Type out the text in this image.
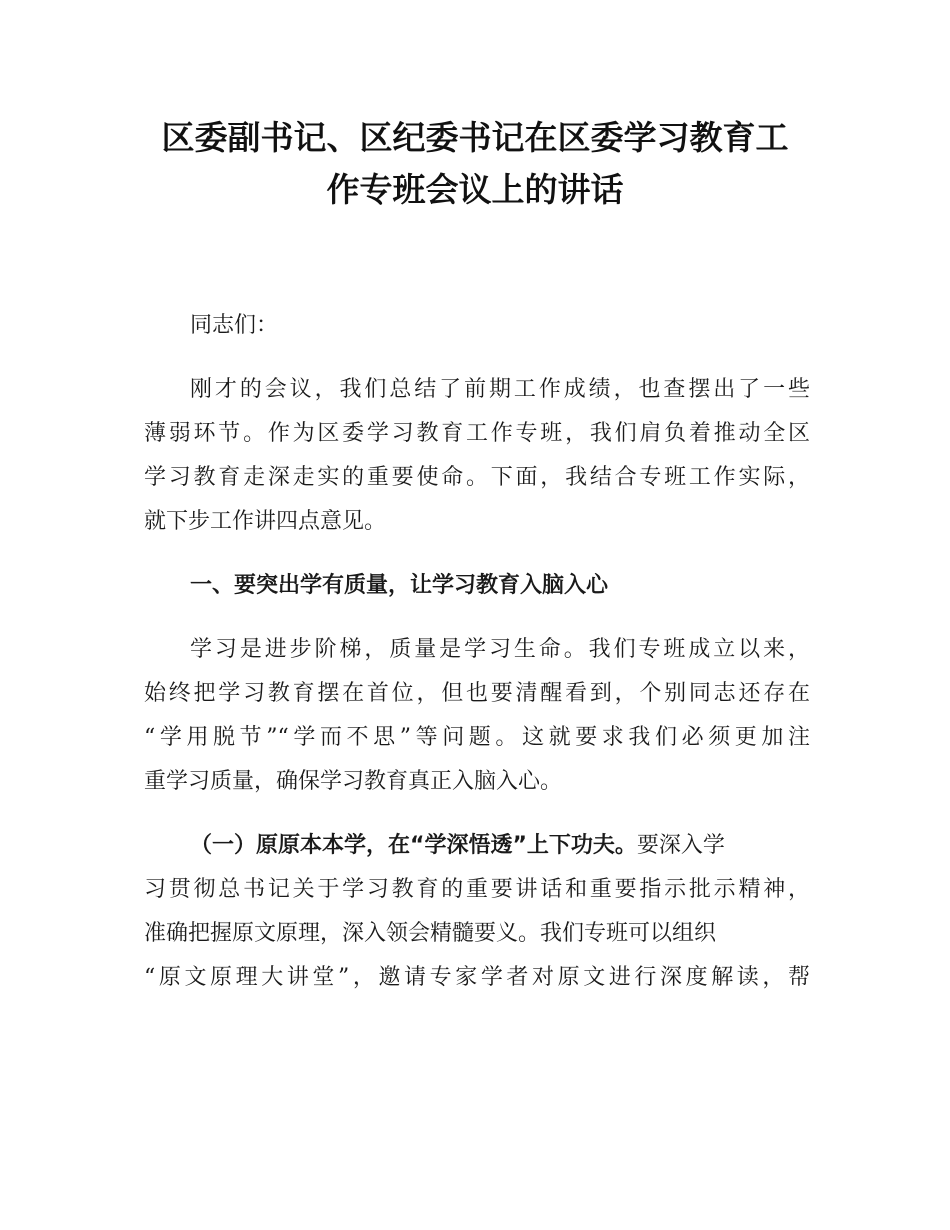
区委副书记、区纪委书记在区委学习教育工
作专班会议上的讲话
同志们：
刚才的会议，我们总结了前期工作成绩，也查摆出了一些
薄弱环节。作为区委学习教育工作专班，我们肩负着推动全区
学习教育走深走实的重要使命。下面，我结合专班工作实际，
就下步工作讲四点意见。
一、要突出学有质量，让学习教育入脑入心
学习是进步阶梯，质量是学习生命。我们专班成立以来，
始终把学习教育摆在首位，但也要清醒看到，个别同志还存在
“学用脱节”“学而不思”等问题。这就要求我们必须更加注
重学习质量，确保学习教育真正入脑入心。
（一）原原本本学，在“学深悟透”上下功夫。要深入学
习贯彻总书记关于学习教育的重要讲话和重要指示批示精神，
准确把握原文原理，深入领会精髓要义。我们专班可以组织
“原文原理大讲堂”，邀请专家学者对原文进行深度解读，帮
